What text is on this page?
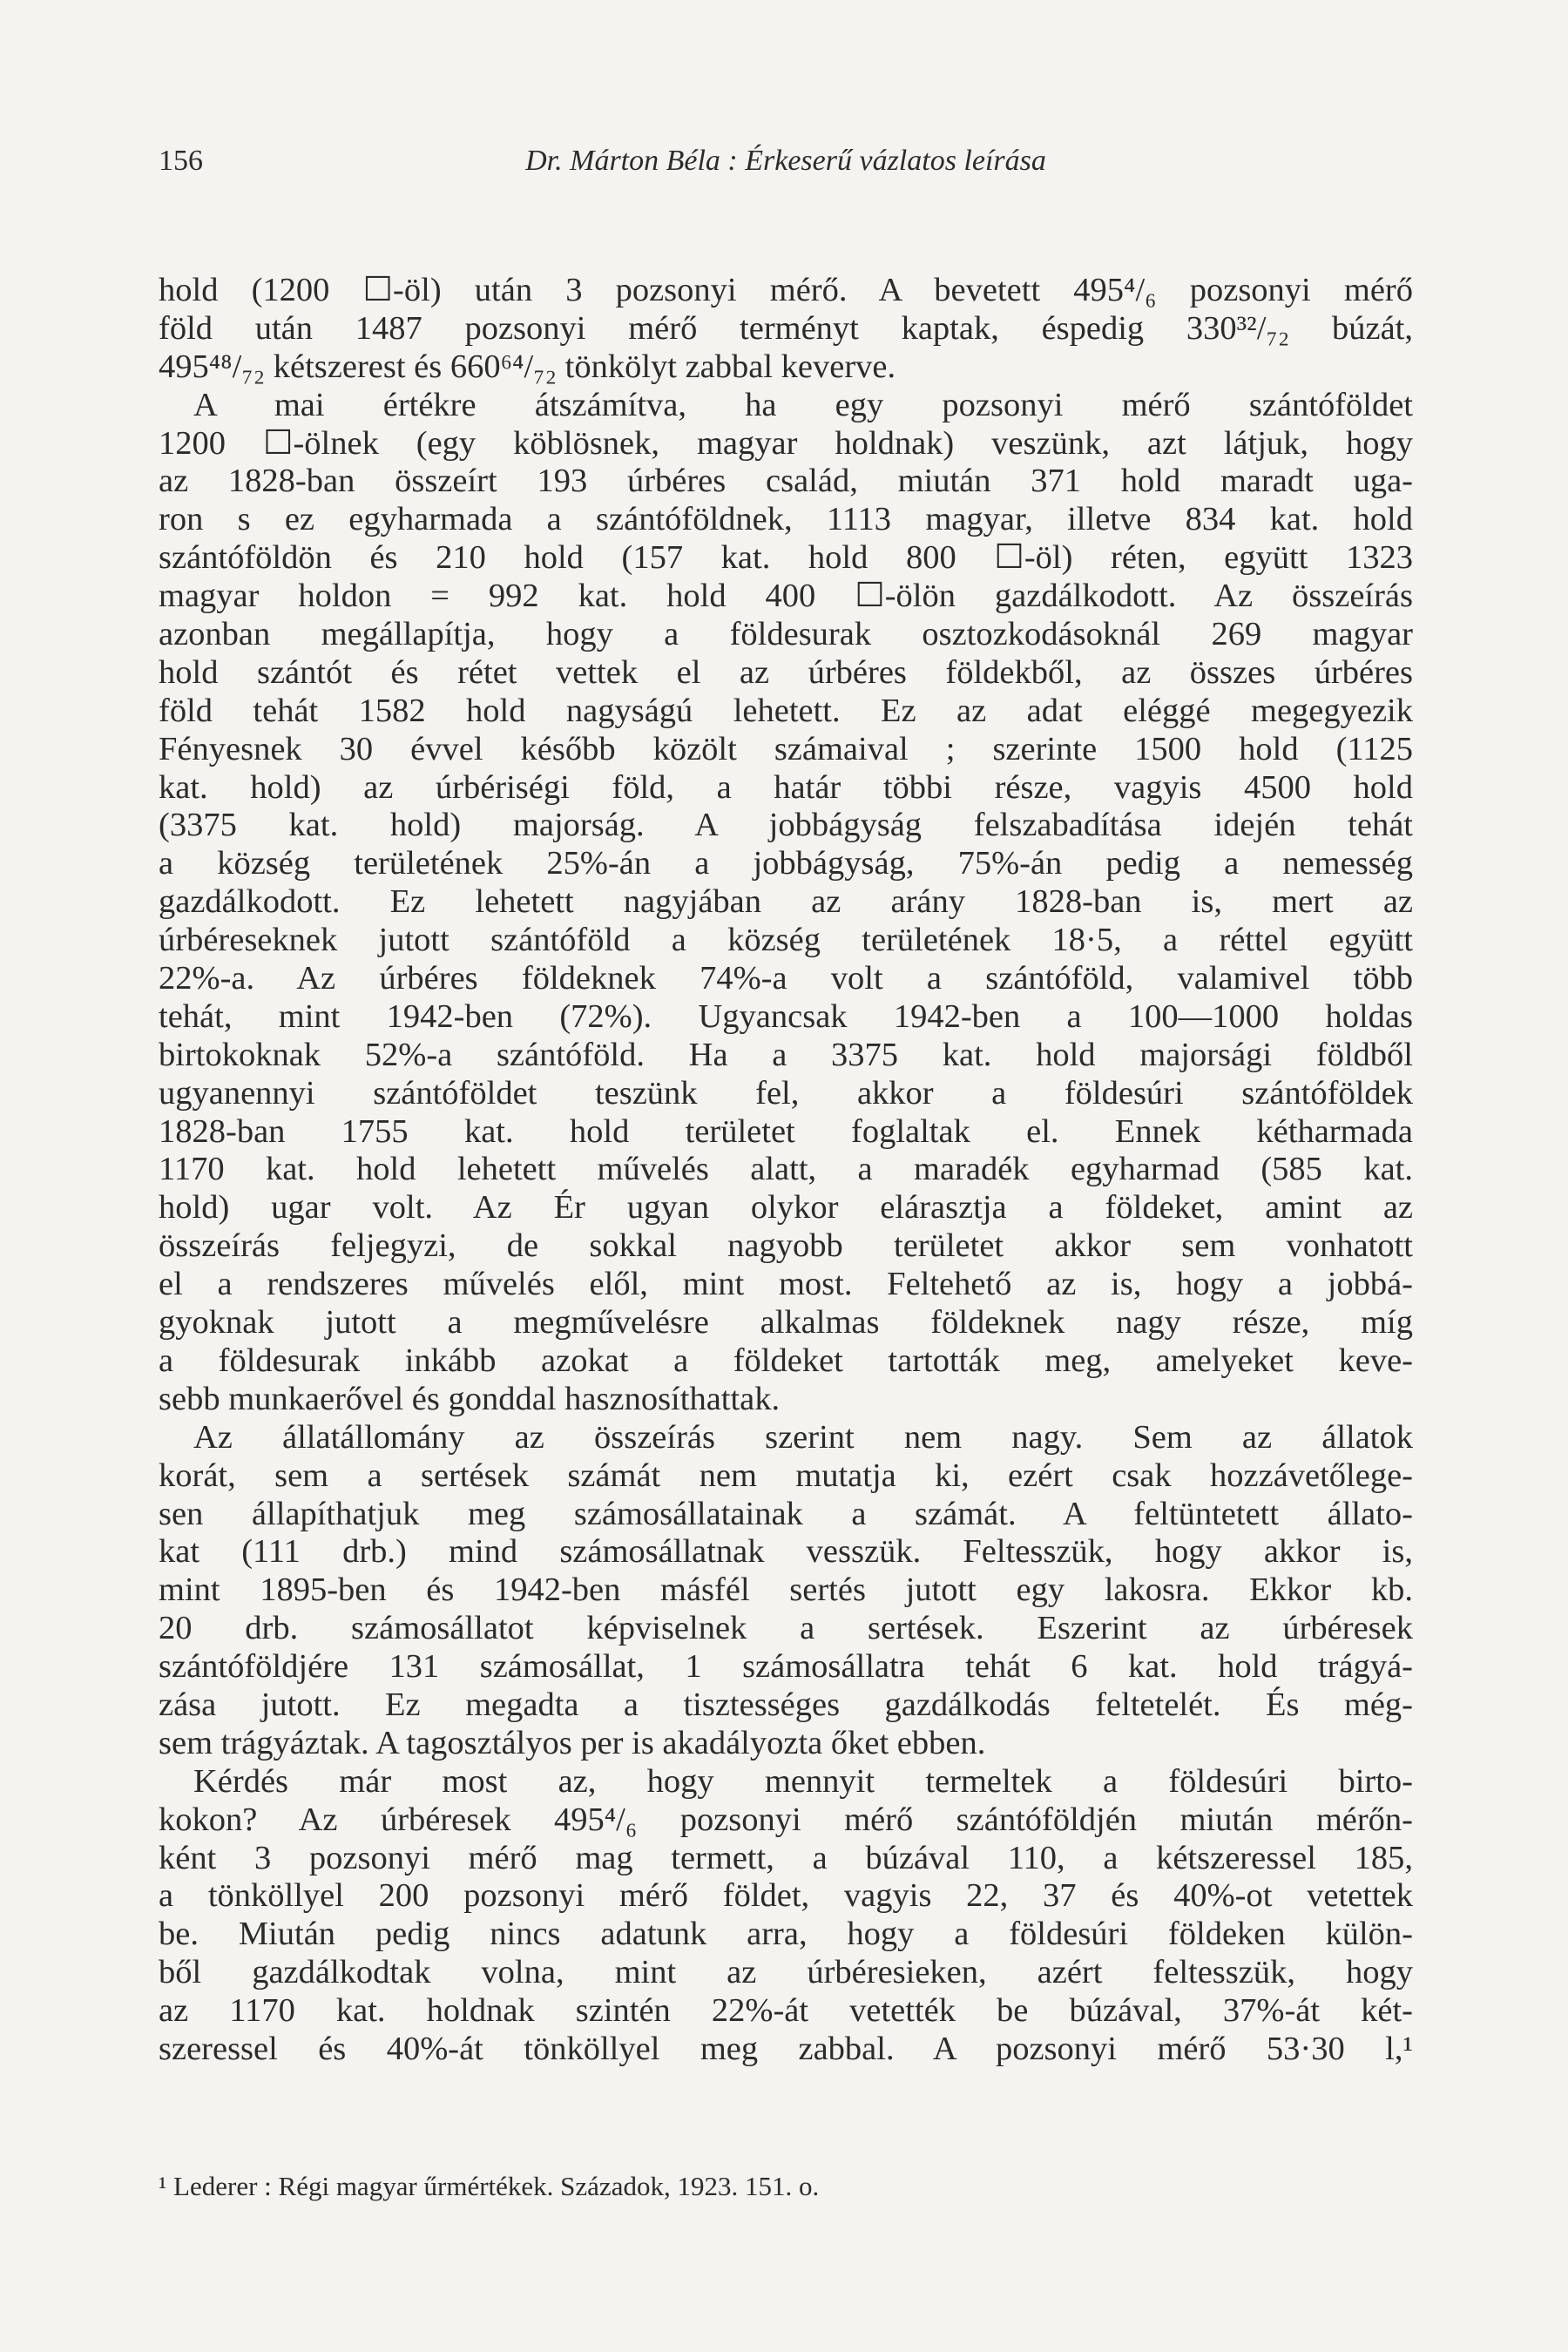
156	Dr. Márton Béla : Érkeserű vázlatos leírása
hold (1200 ☐-öl) után 3 pozsonyi mérő. A bevetett 495⁴/₆ pozsonyi mérő
föld után 1487 pozsonyi mérő terményt kaptak, éspedig 330³²/₇₂ búzát,
495⁴⁸/₇₂ kétszerest és 660⁶⁴/₇₂ tönkölyt zabbal keverve.
A mai értékre átszámítva, ha egy pozsonyi mérő szántóföldet
1200 ☐-ölnek (egy köblösnek, magyar holdnak) veszünk, azt látjuk, hogy
az 1828-ban összeírt 193 úrbéres család, miután 371 hold maradt uga-
ron s ez egyharmada a szántóföldnek, 1113 magyar, illetve 834 kat. hold
szántóföldön és 210 hold (157 kat. hold 800 ☐-öl) réten, együtt 1323
magyar holdon = 992 kat. hold 400 ☐-ölön gazdálkodott. Az összeírás
azonban megállapítja, hogy a földesurak osztozkodásoknál 269 magyar
hold szántót és rétet vettek el az úrbéres földekből, az összes úrbéres
föld tehát 1582 hold nagyságú lehetett. Ez az adat eléggé megegyezik
Fényesnek 30 évvel később közölt számaival ; szerinte 1500 hold (1125
kat. hold) az úrbériségi föld, a határ többi része, vagyis 4500 hold
(3375 kat. hold) majorság. A jobbágyság felszabadítása idején tehát
a község területének 25%-án a jobbágyság, 75%-án pedig a nemesség
gazdálkodott. Ez lehetett nagyjában az arány 1828-ban is, mert az
úrbéreseknek jutott szántóföld a község területének 18·5, a réttel együtt
22%-a. Az úrbéres földeknek 74%-a volt a szántóföld, valamivel több
tehát, mint 1942-ben (72%). Ugyancsak 1942-ben a 100—1000 holdas
birtokoknak 52%-a szántóföld. Ha a 3375 kat. hold majorsági földből
ugyanennyi szántóföldet teszünk fel, akkor a földesúri szántóföldek
1828-ban 1755 kat. hold területet foglaltak el. Ennek kétharmada
1170 kat. hold lehetett művelés alatt, a maradék egyharmad (585 kat.
hold) ugar volt. Az Ér ugyan olykor elárasztja a földeket, amint az
összeírás feljegyzi, de sokkal nagyobb területet akkor sem vonhatott
el a rendszeres művelés elől, mint most. Feltehető az is, hogy a jobbá-
gyoknak jutott a megművelésre alkalmas földeknek nagy része, míg
a földesurak inkább azokat a földeket tartották meg, amelyeket keve-
sebb munkaerővel és gonddal hasznosíthattak.
Az állatállomány az összeírás szerint nem nagy. Sem az állatok
korát, sem a sertések számát nem mutatja ki, ezért csak hozzávetőlege-
sen állapíthatjuk meg számosállatainak a számát. A feltüntetett állato-
kat (111 drb.) mind számosállatnak vesszük. Feltesszük, hogy akkor is,
mint 1895-ben és 1942-ben másfél sertés jutott egy lakosra. Ekkor kb.
20 drb. számosállatot képviselnek a sertések. Eszerint az úrbéresek
szántóföldjére 131 számosállat, 1 számosállatra tehát 6 kat. hold trágyá-
zása jutott. Ez megadta a tisztességes gazdálkodás feltetelét. És még-
sem trágyáztak. A tagosztályos per is akadályozta őket ebben.
Kérdés már most az, hogy mennyit termeltek a földesúri birto-
kokon? Az úrbéresek 495⁴/₆ pozsonyi mérő szántóföldjén miután mérőn-
ként 3 pozsonyi mérő mag termett, a búzával 110, a kétszeressel 185,
a tönköllyel 200 pozsonyi mérő földet, vagyis 22, 37 és 40%-ot vetettek
be. Miután pedig nincs adatunk arra, hogy a földesúri földeken külön-
ből gazdálkodtak volna, mint az úrbéresieken, azért feltesszük, hogy
az 1170 kat. holdnak szintén 22%-át vetették be búzával, 37%-át két-
szeressel és 40%-át tönköllyel meg zabbal. A pozsonyi mérő 53·30 l,¹
¹ Lederer : Régi magyar űrmértékek. Századok, 1923. 151. o.
